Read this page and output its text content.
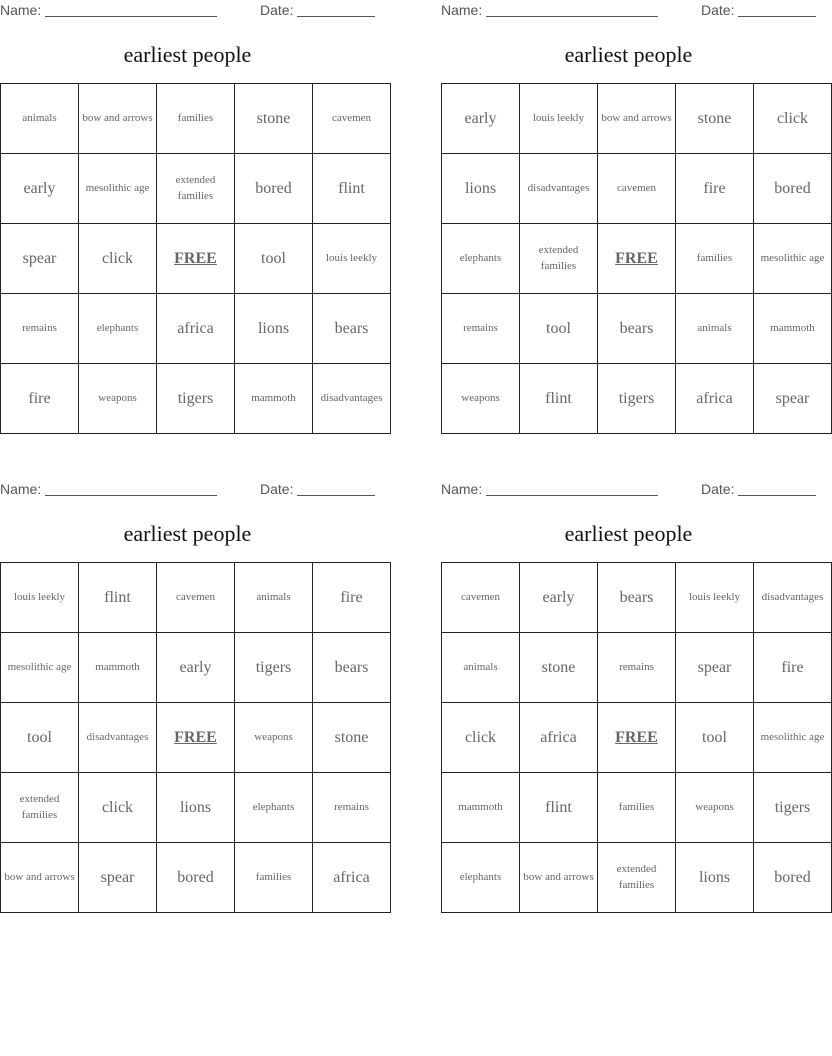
Name:	Date:
earliest people
animals	bow and arrows	families	stone	cavemen
early	mesolithic age	extended families	bored	flint
spear	click	FREE	tool	louis leekly
remains	elephants	africa	lions	bears
fire	weapons	tigers	mammoth	disadvantages
Name:	Date:
earliest people
early	louis leekly	bow and arrows	stone	click
lions	disadvantages	cavemen	fire	bored
elephants	extended families	FREE	families	mesolithic age
remains	tool	bears	animals	mammoth
weapons	flint	tigers	africa	spear
Name:	Date:
earliest people
louis leekly	flint	cavemen	animals	fire
mesolithic age	mammoth	early	tigers	bears
tool	disadvantages	FREE	weapons	stone
extended families	click	lions	elephants	remains
bow and arrows	spear	bored	families	africa
Name:	Date:
earliest people
cavemen	early	bears	louis leekly	disadvantages
animals	stone	remains	spear	fire
click	africa	FREE	tool	mesolithic age
mammoth	flint	families	weapons	tigers
elephants	bow and arrows	extended families	lions	bored
